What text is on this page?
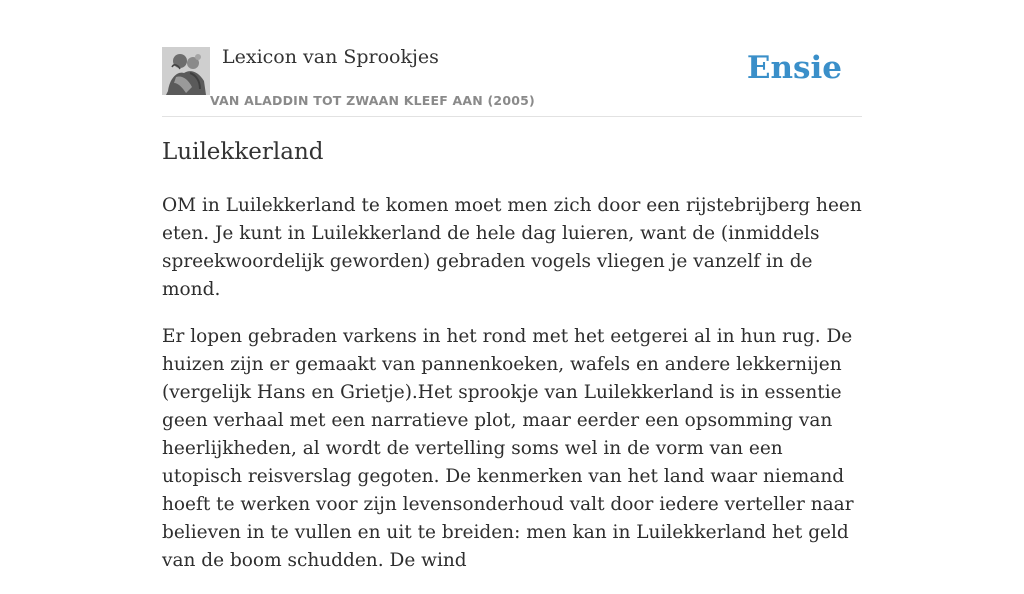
Lexicon van Sprookjes
VAN ALADDIN TOT ZWAAN KLEEF AAN (2005)
Ensie
Luilekkerland

OM in Luilekkerland te komen moet men zich door een rijstebrijberg heen eten. Je kunt in Luilekkerland de hele dag luieren, want de (inmiddels spreekwoordelijk geworden) gebraden vogels vliegen je vanzelf in de mond.

Er lopen gebraden varkens in het rond met het eetgerei al in hun rug. De huizen zijn er gemaakt van pannenkoeken, wafels en andere lekkernijen (vergelijk Hans en Grietje).Het sprookje van Luilekkerland is in essentie geen verhaal met een narratieve plot, maar eerder een opsomming van heerlijkheden, al wordt de vertelling soms wel in de vorm van een utopisch reisverslag gegoten. De kenmerken van het land waar niemand hoeft te werken voor zijn levensonderhoud valt door iedere verteller naar believen in te vullen en uit te breiden: men kan in Luilekkerland het geld van de boom schudden. De wind
